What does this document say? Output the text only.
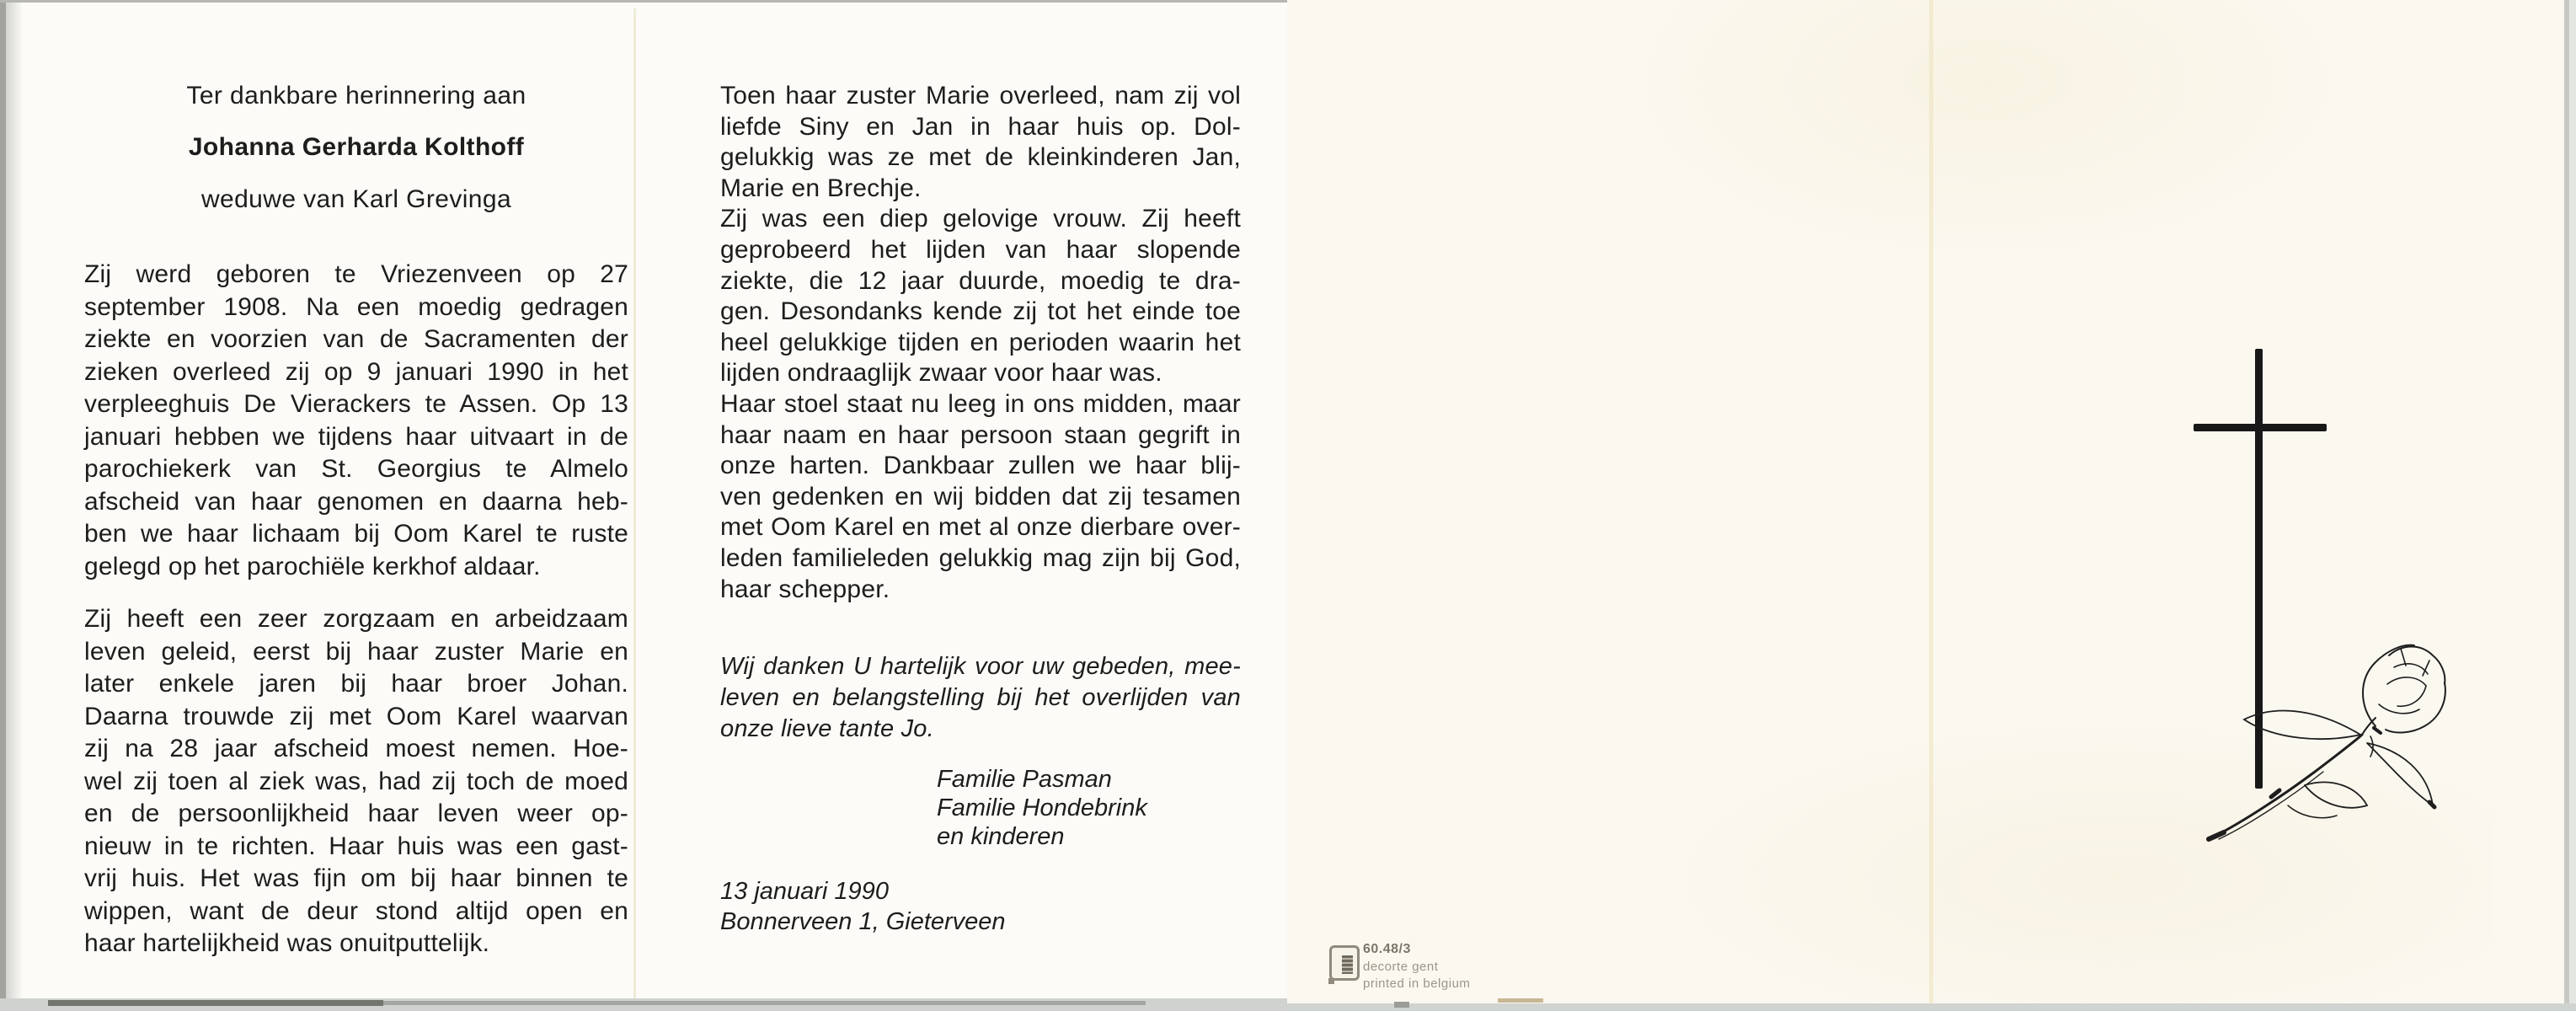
Ter dankbare herinnering aan
Johanna Gerharda Kolthoff
weduwe van Karl Grevinga
Zij werd geboren te Vriezenveen op 27
september 1908. Na een moedig gedragen
ziekte en voorzien van de Sacramenten der
zieken overleed zij op 9 januari 1990 in het
verpleeghuis De Vierackers te Assen. Op 13
januari hebben we tijdens haar uitvaart in de
parochiekerk van St. Georgius te Almelo
afscheid van haar genomen en daarna heb-
ben we haar lichaam bij Oom Karel te ruste
gelegd op het parochiële kerkhof aldaar.
Zij heeft een zeer zorgzaam en arbeidzaam
leven geleid, eerst bij haar zuster Marie en
later enkele jaren bij haar broer Johan.
Daarna trouwde zij met Oom Karel waarvan
zij na 28 jaar afscheid moest nemen. Hoe-
wel zij toen al ziek was, had zij toch de moed
en de persoonlijkheid haar leven weer op-
nieuw in te richten. Haar huis was een gast-
vrij huis. Het was fijn om bij haar binnen te
wippen, want de deur stond altijd open en
haar hartelijkheid was onuitputtelijk.
Toen haar zuster Marie overleed, nam zij vol
liefde Siny en Jan in haar huis op. Dol-
gelukkig was ze met de kleinkinderen Jan,
Marie en Brechje.
Zij was een diep gelovige vrouw. Zij heeft
geprobeerd het lijden van haar slopende
ziekte, die 12 jaar duurde, moedig te dra-
gen. Desondanks kende zij tot het einde toe
heel gelukkige tijden en perioden waarin het
lijden ondraaglijk zwaar voor haar was.
Haar stoel staat nu leeg in ons midden, maar
haar naam en haar persoon staan gegrift in
onze harten. Dankbaar zullen we haar blij-
ven gedenken en wij bidden dat zij tesamen
met Oom Karel en met al onze dierbare over-
leden familieleden gelukkig mag zijn bij God,
haar schepper.
Wij danken U hartelijk voor uw gebeden, mee-
leven en belangstelling bij het overlijden van
onze lieve tante Jo.
Familie Pasman
Familie Hondebrink
en kinderen
13 januari 1990
Bonnerveen 1, Gieterveen
60.48/3
decorte gent
printed in belgium
